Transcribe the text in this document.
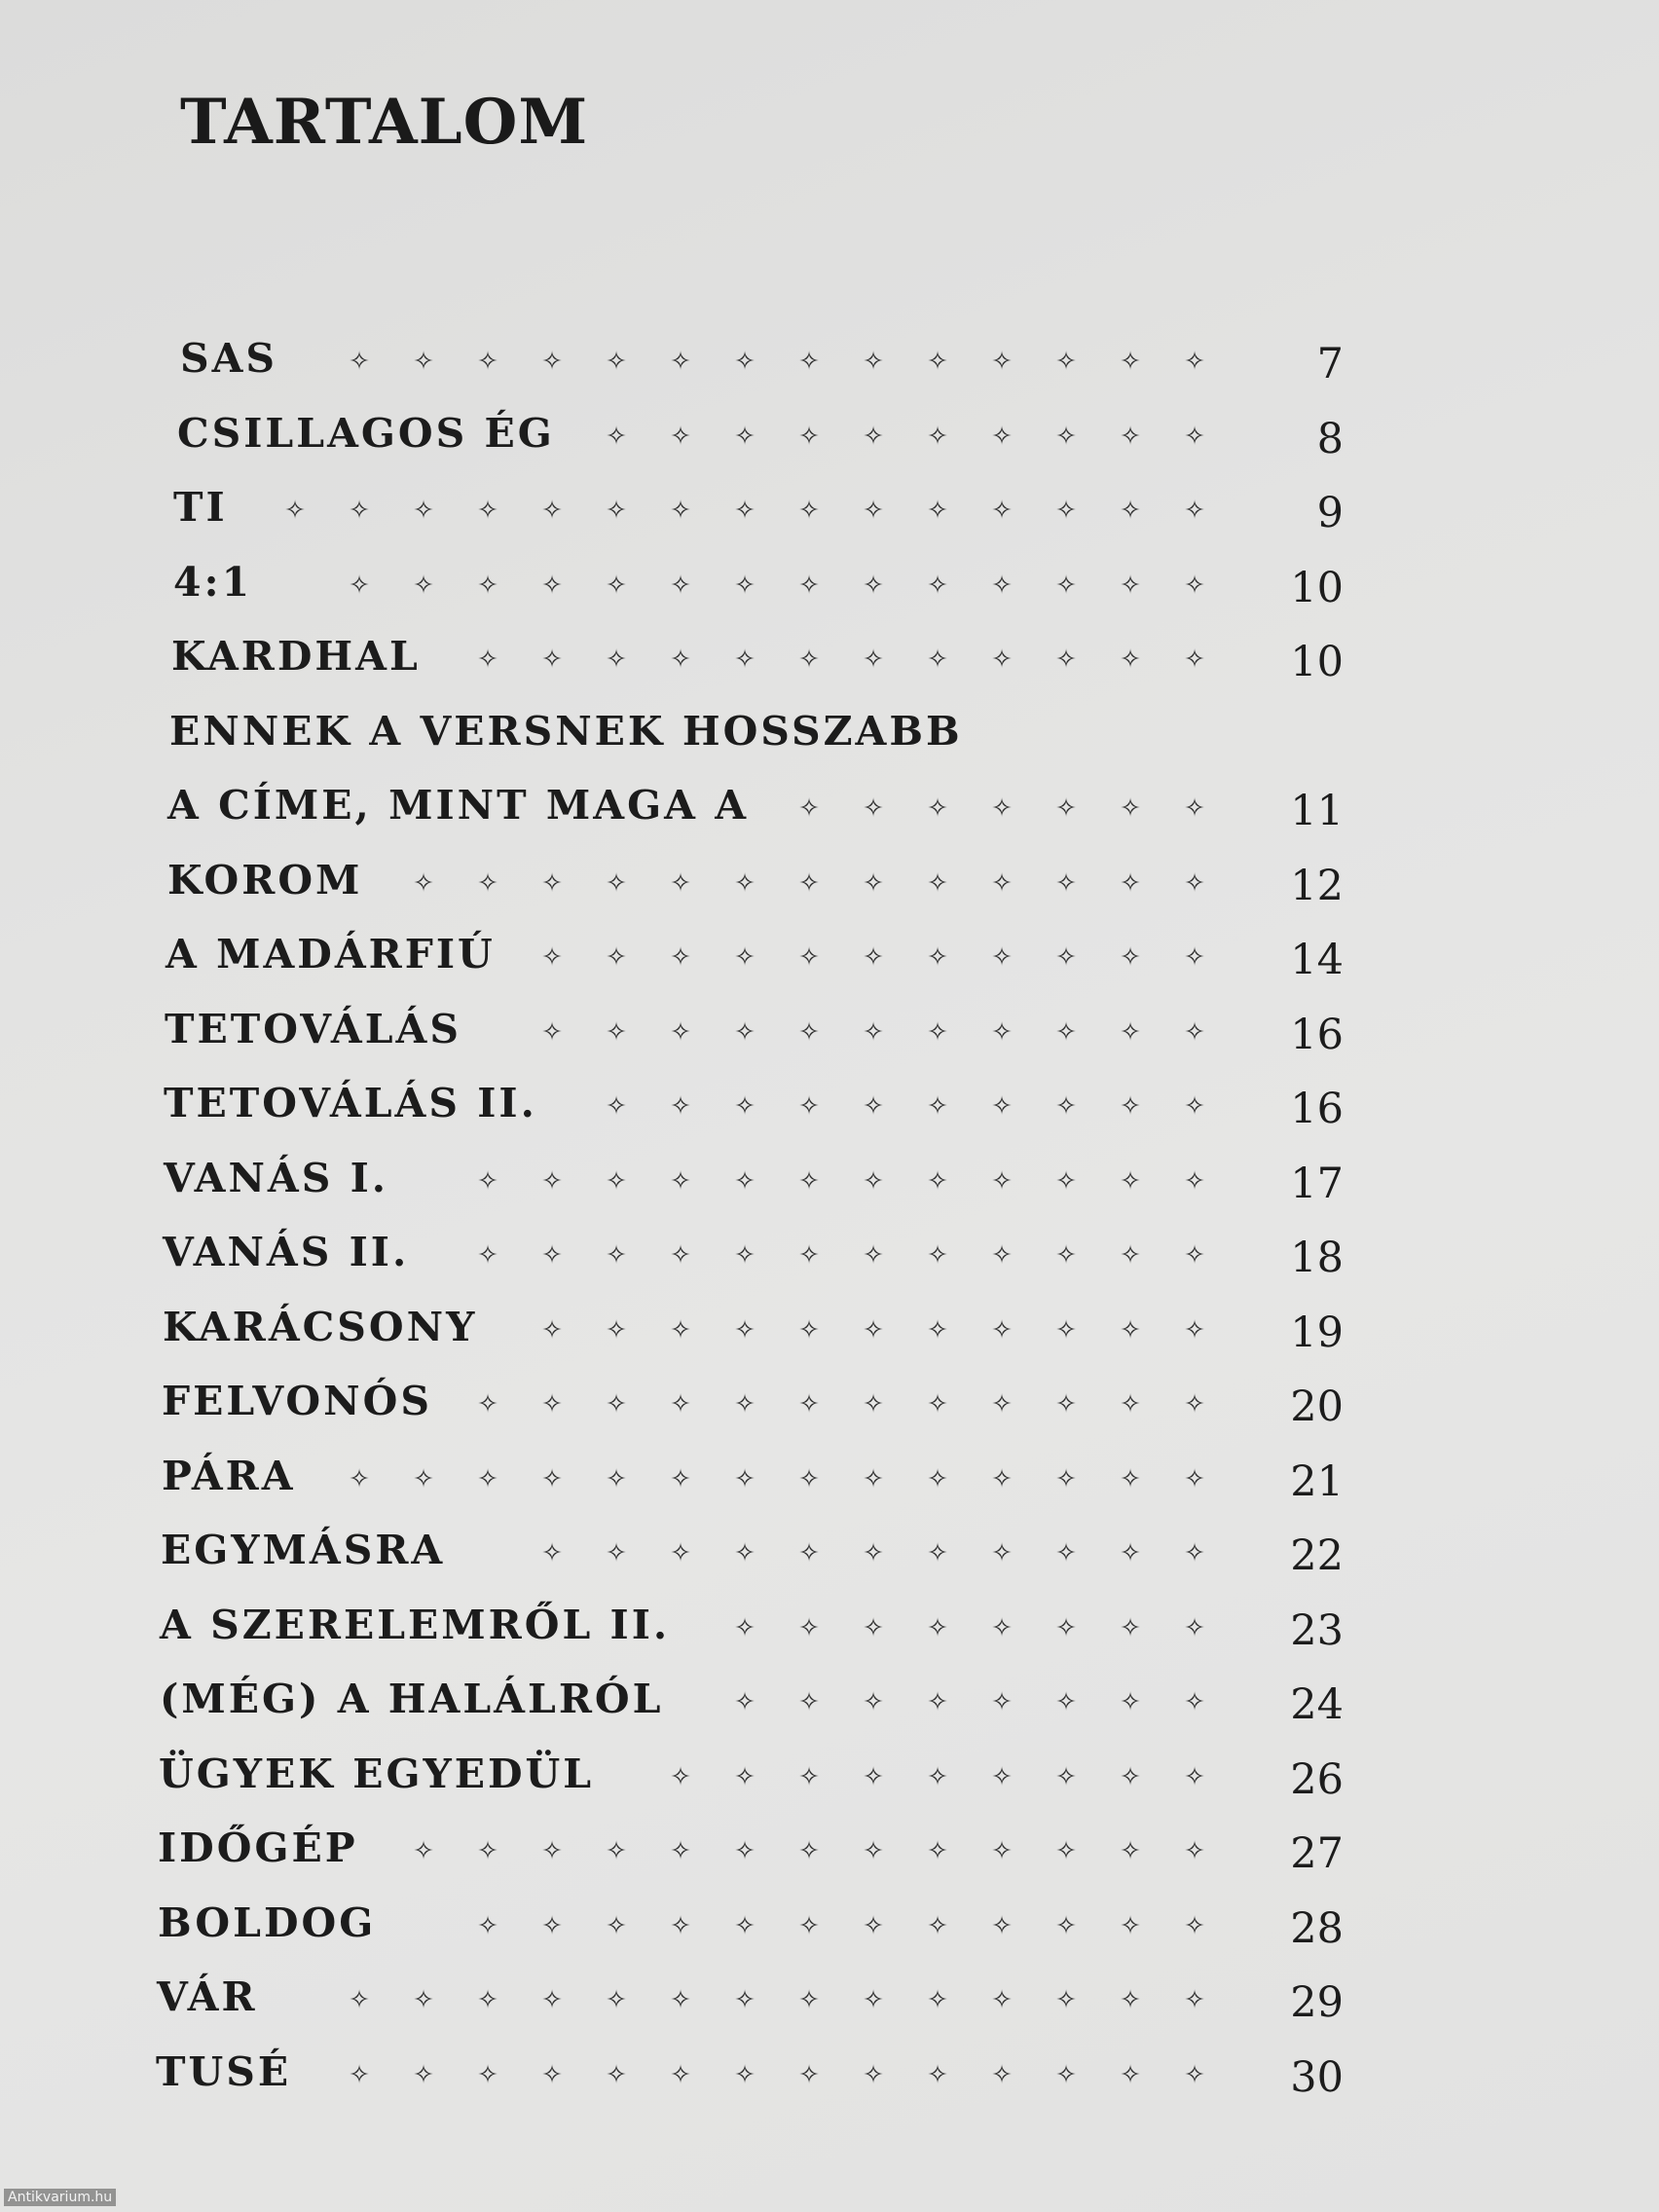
TARTALOM
SAS	✧	✧	✧	✧	✧	✧	✧	✧	✧	✧	✧	✧	✧	✧	7
CSILLAGOS ÉG	✧	✧	✧	✧	✧	✧	✧	✧	✧	✧	8
TI	✧	✧	✧	✧	✧	✧	✧	✧	✧	✧	✧	✧	✧	✧	✧	9
4:1	✧	✧	✧	✧	✧	✧	✧	✧	✧	✧	✧	✧	✧	✧	10
KARDHAL	✧	✧	✧	✧	✧	✧	✧	✧	✧	✧	✧	✧	10
ENNEK A VERSNEK HOSSZABB
A CÍME, MINT MAGA A	✧	✧	✧	✧	✧	✧	✧	11
KOROM	✧	✧	✧	✧	✧	✧	✧	✧	✧	✧	✧	✧	✧	12
A MADÁRFIÚ	✧	✧	✧	✧	✧	✧	✧	✧	✧	✧	✧	14
TETOVÁLÁS	✧	✧	✧	✧	✧	✧	✧	✧	✧	✧	✧	16
TETOVÁLÁS II.	✧	✧	✧	✧	✧	✧	✧	✧	✧	✧	16
VANÁS I.	✧	✧	✧	✧	✧	✧	✧	✧	✧	✧	✧	✧	17
VANÁS II.	✧	✧	✧	✧	✧	✧	✧	✧	✧	✧	✧	✧	18
KARÁCSONY	✧	✧	✧	✧	✧	✧	✧	✧	✧	✧	✧	19
FELVONÓS	✧	✧	✧	✧	✧	✧	✧	✧	✧	✧	✧	✧	20
PÁRA	✧	✧	✧	✧	✧	✧	✧	✧	✧	✧	✧	✧	✧	✧	21
EGYMÁSRA	✧	✧	✧	✧	✧	✧	✧	✧	✧	✧	✧	22
A SZERELEMRŐL II.	✧	✧	✧	✧	✧	✧	✧	✧	23
(MÉG) A HALÁLRÓL	✧	✧	✧	✧	✧	✧	✧	✧	24
ÜGYEK EGYEDÜL	✧	✧	✧	✧	✧	✧	✧	✧	✧	26
IDŐGÉP	✧	✧	✧	✧	✧	✧	✧	✧	✧	✧	✧	✧	✧	27
BOLDOG	✧	✧	✧	✧	✧	✧	✧	✧	✧	✧	✧	✧	28
VÁR	✧	✧	✧	✧	✧	✧	✧	✧	✧	✧	✧	✧	✧	✧	29
TUSÉ	✧	✧	✧	✧	✧	✧	✧	✧	✧	✧	✧	✧	✧	✧	30
Antikvarium.hu
